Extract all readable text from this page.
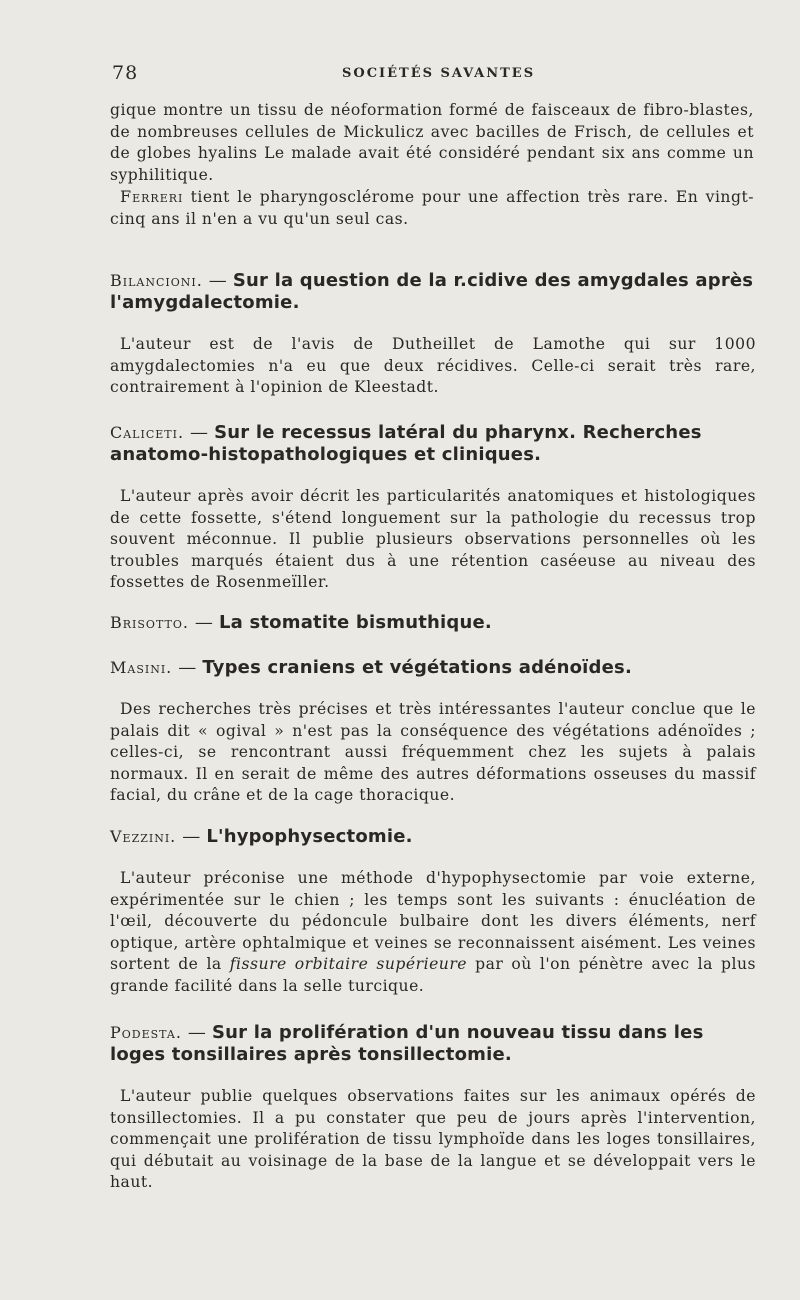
78	SOCIÉTÉS SAVANTES

gique montre un tissu de néoformation formé de faisceaux de fibro-blastes, de nombreuses cellules de Mickulicz avec bacilles de Frisch, de cellules et de globes hyalins Le malade avait été considéré pendant six ans comme un syphilitique.

Ferreri tient le pharyngosclérome pour une affection très rare. En vingt-cinq ans il n'en a vu qu'un seul cas.

Bilancioni. — Sur la question de la r.cidive des amygdales après l'amygdalectomie.

L'auteur est de l'avis de Dutheillet de Lamothe qui sur 1000 amygdalectomies n'a eu que deux récidives. Celle-ci serait très rare, contrairement à l'opinion de Kleestadt.

Caliceti. — Sur le recessus latéral du pharynx. Recherches anatomo-histopathologiques et cliniques.

L'auteur après avoir décrit les particularités anatomiques et histologiques de cette fossette, s'étend longuement sur la pathologie du recessus trop souvent méconnue. Il publie plusieurs observations personnelles où les troubles marqués étaient dus à une rétention caséeuse au niveau des fossettes de Rosenmeïller.

Brisotto. — La stomatite bismuthique.
Masini. — Types craniens et végétations adénoïdes.

Des recherches très précises et très intéressantes l'auteur conclue que le palais dit « ogival » n'est pas la conséquence des végétations adénoïdes ; celles-ci, se rencontrant aussi fréquemment chez les sujets à palais normaux. Il en serait de même des autres déformations osseuses du massif facial, du crâne et de la cage thoracique.

Vezzini. — L'hypophysectomie.

L'auteur préconise une méthode d'hypophysectomie par voie externe, expérimentée sur le chien ; les temps sont les suivants : énucléation de l'œil, découverte du pédoncule bulbaire dont les divers éléments, nerf optique, artère ophtalmique et veines se reconnaissent aisément. Les veines sortent de la fissure orbitaire supérieure par où l'on pénètre avec la plus grande facilité dans la selle turcique.

Podesta. — Sur la prolifération d'un nouveau tissu dans les loges tonsillaires après tonsillectomie.

L'auteur publie quelques observations faites sur les animaux opérés de tonsillectomies. Il a pu constater que peu de jours après l'intervention, commençait une prolifération de tissu lymphoïde dans les loges tonsillaires, qui débutait au voisinage de la base de la langue et se développait vers le haut.
